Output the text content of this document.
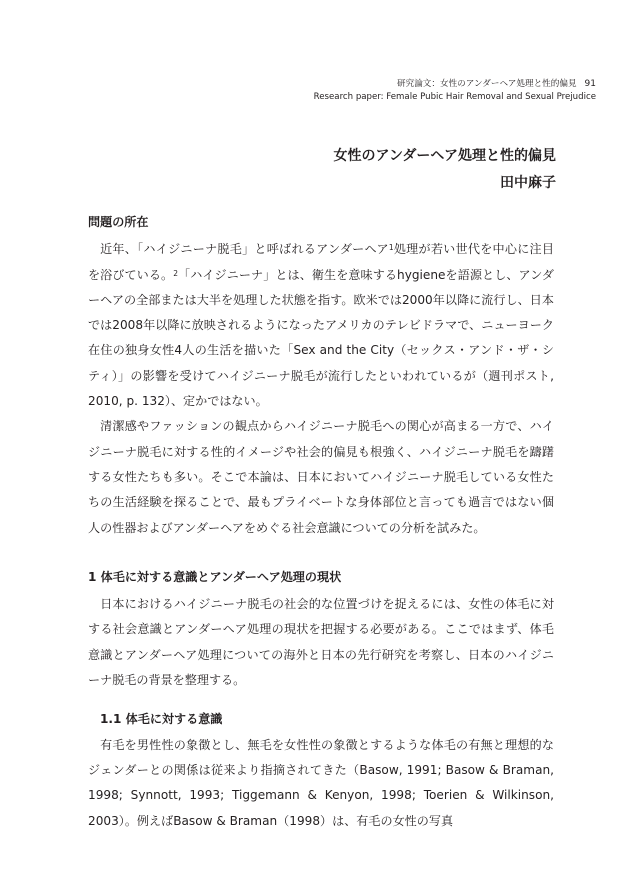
研究論文：女性のアンダーヘア処理と性的偏見 91
Research paper: Female Pubic Hair Removal and Sexual Prejudice
女性のアンダーヘア処理と性的偏見
田中麻子
問題の所在

近年、「ハイジニーナ脱毛」と呼ばれるアンダーヘア$^1$処理が若い世代を中心に注目を浴びている。$^2$「ハイジニーナ」とは、衛生を意味するhygieneを語源とし、アンダーヘアの全部または大半を処理した状態を指す。欧米では2000年以降に流行し、日本では2008年以降に放映されるようになったアメリカのテレビドラマで、ニューヨーク在住の独身女性4人の生活を描いた「Sex and the City（セックス・アンド・ザ・シティ）」の影響を受けてハイジニーナ脱毛が流行したといわれているが（週刊ポスト, 2010, p. 132）、定かではない。

清潔感やファッションの観点からハイジニーナ脱毛への関心が高まる一方で、ハイジニーナ脱毛に対する性的イメージや社会的偏見も根強く、ハイジニーナ脱毛を躊躇する女性たちも多い。そこで本論は、日本においてハイジニーナ脱毛している女性たちの生活経験を探ることで、最もプライベートな身体部位と言っても過言ではない個人の性器およびアンダーヘアをめぐる社会意識についての分析を試みた。

1 体毛に対する意識とアンダーヘア処理の現状

日本におけるハイジニーナ脱毛の社会的な位置づけを捉えるには、女性の体毛に対する社会意識とアンダーヘア処理の現状を把握する必要がある。ここではまず、体毛意識とアンダーヘア処理についての海外と日本の先行研究を考察し、日本のハイジニーナ脱毛の背景を整理する。

1.1 体毛に対する意識

有毛を男性性の象徴とし、無毛を女性性の象徴とするような体毛の有無と理想的なジェンダーとの関係は従来より指摘されてきた（Basow, 1991; Basow & Braman, 1998; Synnott, 1993; Tiggemann & Kenyon, 1998; Toerien & Wilkinson, 2003）。例えばBasow & Braman（1998）は、有毛の女性の写真
